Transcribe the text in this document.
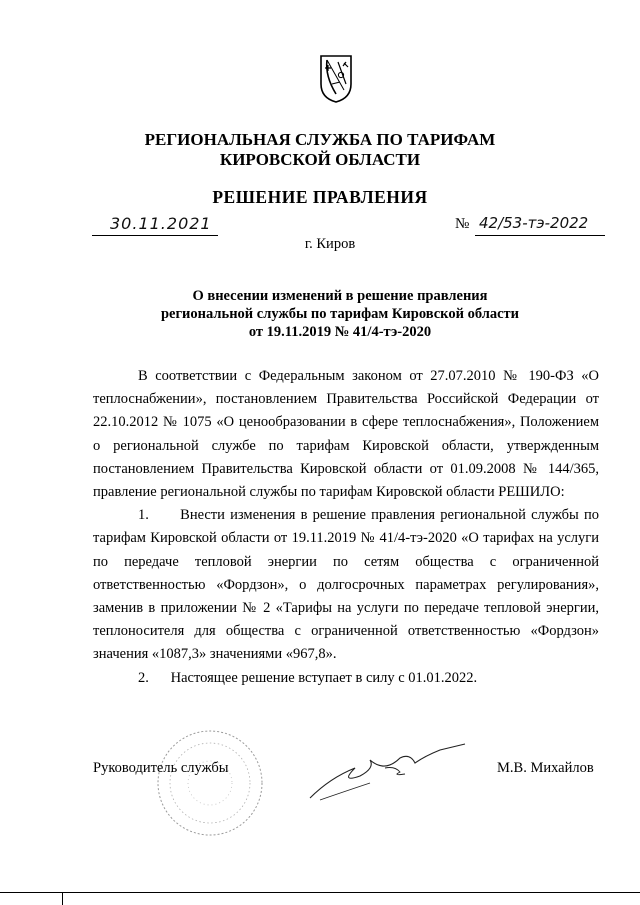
РЕГИОНАЛЬНАЯ СЛУЖБА ПО ТАРИФАМ
КИРОВСКОЙ ОБЛАСТИ
РЕШЕНИЕ ПРАВЛЕНИЯ
30.11.2021	№ 42/53-тэ-2022
г. Киров
О внесении изменений в решение правления
региональной службы по тарифам Кировской области
от 19.11.2019 № 41/4-тэ-2020

В соответствии с Федеральным законом от 27.07.2010 № 190-ФЗ «О теплоснабжении», постановлением Правительства Российской Федерации от 22.10.2012 № 1075 «О ценообразовании в сфере теплоснабжения», Положением о региональной службе по тарифам Кировской области, утвержденным постановлением Правительства Кировской области от 01.09.2008 № 144/365, правление региональной службы по тарифам Кировской области РЕШИЛО:

1.      Внести изменения в решение правления региональной службы по тарифам Кировской области от 19.11.2019 № 41/4-тэ-2020 «О тарифах на услуги по передаче тепловой энергии по сетям общества с ограниченной ответственностью «Фордзон», о долгосрочных параметрах регулирования», заменив в приложении № 2 «Тарифы на услуги по передаче тепловой энергии, теплоносителя для общества с ограниченной ответственностью «Фордзон» значения «1087,3» значениями «967,8».

2.      Настоящее решение вступает в силу с 01.01.2022.

Руководитель службы	М.В. Михайлов
